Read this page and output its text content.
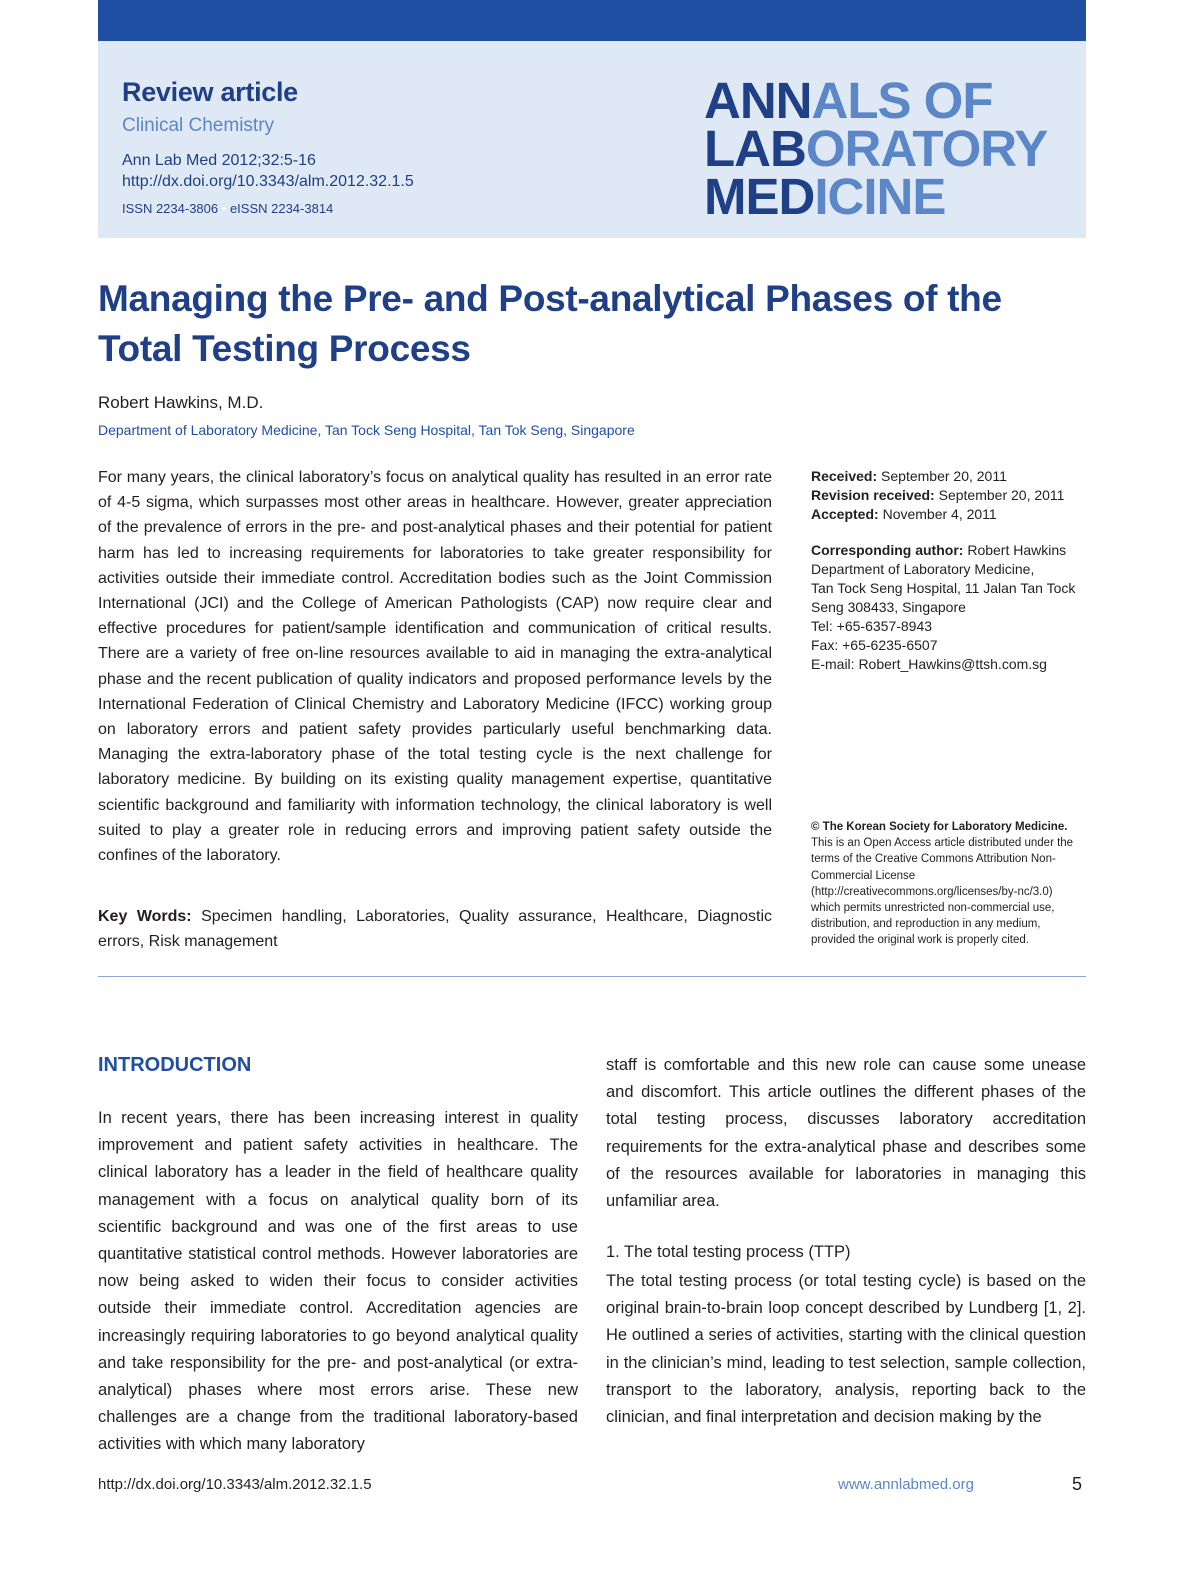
Review article
Clinical Chemistry
Ann Lab Med 2012;32:5-16
http://dx.doi.org/10.3343/alm.2012.32.1.5
ISSN 2234-3806 • eISSN 2234-3814
ANNALS OF
LABORATORY
MEDICINE
Managing the Pre- and Post-analytical Phases of the Total Testing Process
Robert Hawkins, M.D.
Department of Laboratory Medicine, Tan Tock Seng Hospital, Tan Tok Seng, Singapore

For many years, the clinical laboratory’s focus on analytical quality has resulted in an error rate of 4-5 sigma, which surpasses most other areas in healthcare. However, greater appreciation of the prevalence of errors in the pre- and post-analytical phases and their potential for patient harm has led to increasing requirements for laboratories to take greater responsibility for activities outside their immediate control. Accreditation bodies such as the Joint Commission International (JCI) and the College of American Pathologists (CAP) now require clear and effective procedures for patient/sample identification and communication of critical results. There are a variety of free on-line resources available to aid in managing the extra-analytical phase and the recent publication of quality indicators and proposed performance levels by the International Federation of Clinical Chemistry and Laboratory Medicine (IFCC) working group on laboratory errors and patient safety provides particularly useful benchmarking data. Managing the extra-laboratory phase of the total testing cycle is the next challenge for laboratory medicine. By building on its existing quality management expertise, quantitative scientific background and familiarity with information technology, the clinical laboratory is well suited to play a greater role in reducing errors and improving patient safety outside the confines of the laboratory.

Key Words: Specimen handling, Laboratories, Quality assurance, Healthcare, Diagnostic errors, Risk management

Received: September 20, 2011
Revision received: September 20, 2011
Accepted: November 4, 2011
Corresponding author: Robert Hawkins
Department of Laboratory Medicine,
Tan Tock Seng Hospital, 11 Jalan Tan Tock
Seng 308433, Singapore
Tel: +65-6357-8943
Fax: +65-6235-6507
E-mail: Robert_Hawkins@ttsh.com.sg
© The Korean Society for Laboratory Medicine. This is an Open Access article distributed under the terms of the Creative Commons Attribution Non-Commercial License (http://creativecommons.org/licenses/by-nc/3.0) which permits unrestricted non-commercial use, distribution, and reproduction in any medium, provided the original work is properly cited.
INTRODUCTION

In recent years, there has been increasing interest in quality improvement and patient safety activities in healthcare. The clinical laboratory has a leader in the field of healthcare quality management with a focus on analytical quality born of its scientific background and was one of the first areas to use quantitative statistical control methods. However laboratories are now being asked to widen their focus to consider activities outside their immediate control. Accreditation agencies are increasingly requiring laboratories to go beyond analytical quality and take responsibility for the pre- and post-analytical (or extra-analytical) phases where most errors arise. These new challenges are a change from the traditional laboratory-based activities with which many laboratory

staff is comfortable and this new role can cause some unease and discomfort. This article outlines the different phases of the total testing process, discusses laboratory accreditation requirements for the extra-analytical phase and describes some of the resources available for laboratories in managing this unfamiliar area.

1. The total testing process (TTP)

The total testing process (or total testing cycle) is based on the original brain-to-brain loop concept described by Lundberg [1, 2]. He outlined a series of activities, starting with the clinical question in the clinician’s mind, leading to test selection, sample collection, transport to the laboratory, analysis, reporting back to the clinician, and final interpretation and decision making by the

http://dx.doi.org/10.3343/alm.2012.32.1.5	www.annlabmed.org	5
